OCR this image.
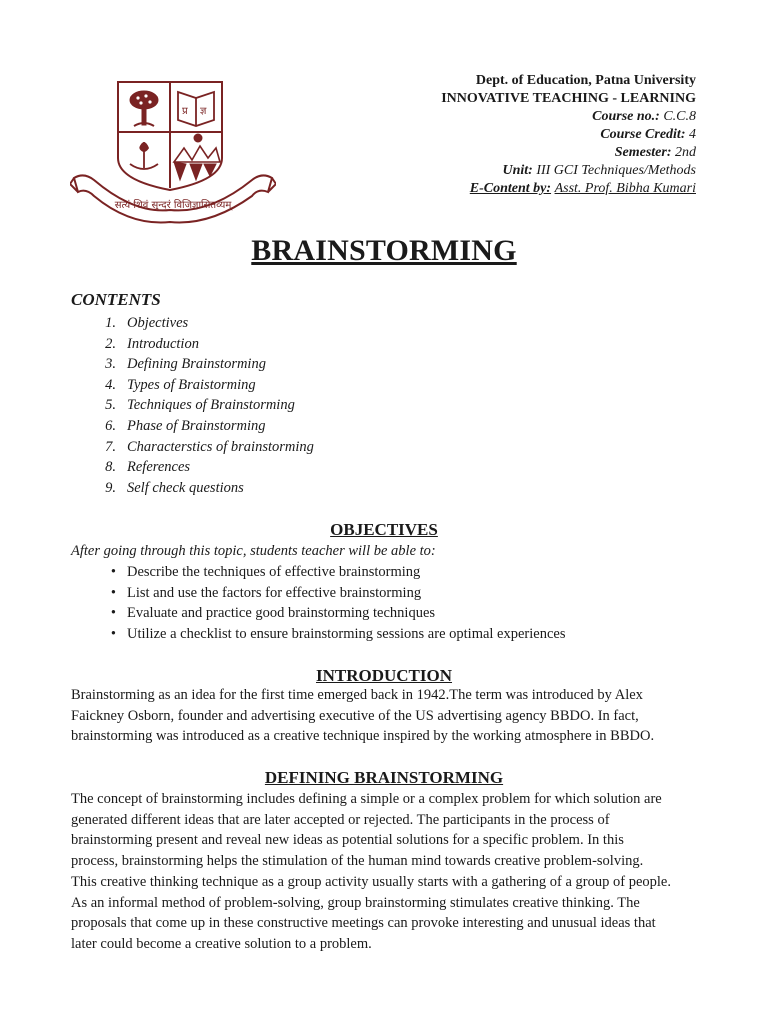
प्र ज्ञ
सत्यं शिवं सुन्दरं विजिज्ञासितव्यम्
Dept. of Education, Patna University
INNOVATIVE TEACHING - LEARNING
Course no.: C.C.8
Course Credit: 4
Semester: 2nd
Unit: III GCI Techniques/Methods
E-Content by: Asst. Prof. Bibha Kumari
BRAINSTORMING
CONTENTS
1. Objectives
2. Introduction
3. Defining Brainstorming
4. Types of Braistorming
5. Techniques of Brainstorming
6. Phase of Brainstorming
7. Characterstics of brainstorming
8. References
9. Self check questions
OBJECTIVES
After going through this topic, students teacher will be able to:
• Describe the techniques of effective brainstorming
• List and use the factors for effective brainstorming
• Evaluate and practice good brainstorming techniques
• Utilize a checklist to ensure brainstorming sessions are optimal experiences
INTRODUCTION
Brainstorming as an idea for the first time emerged back in 1942.The term was introduced by Alex
Faickney Osborn, founder and advertising executive of the US advertising agency BBDO. In fact,
brainstorming was introduced as a creative technique inspired by the working atmosphere in BBDO.
DEFINING BRAINSTORMING
The concept of brainstorming includes defining a simple or a complex problem for which solution are
generated different ideas that are later accepted or rejected. The participants in the process of
brainstorming present and reveal new ideas as potential solutions for a specific problem. In this
process, brainstorming helps the stimulation of the human mind towards creative problem-solving.
This creative thinking technique as a group activity usually starts with a gathering of a group of people.
As an informal method of problem-solving, group brainstorming stimulates creative thinking. The
proposals that come up in these constructive meetings can provoke interesting and unusual ideas that
later could become a creative solution to a problem.
